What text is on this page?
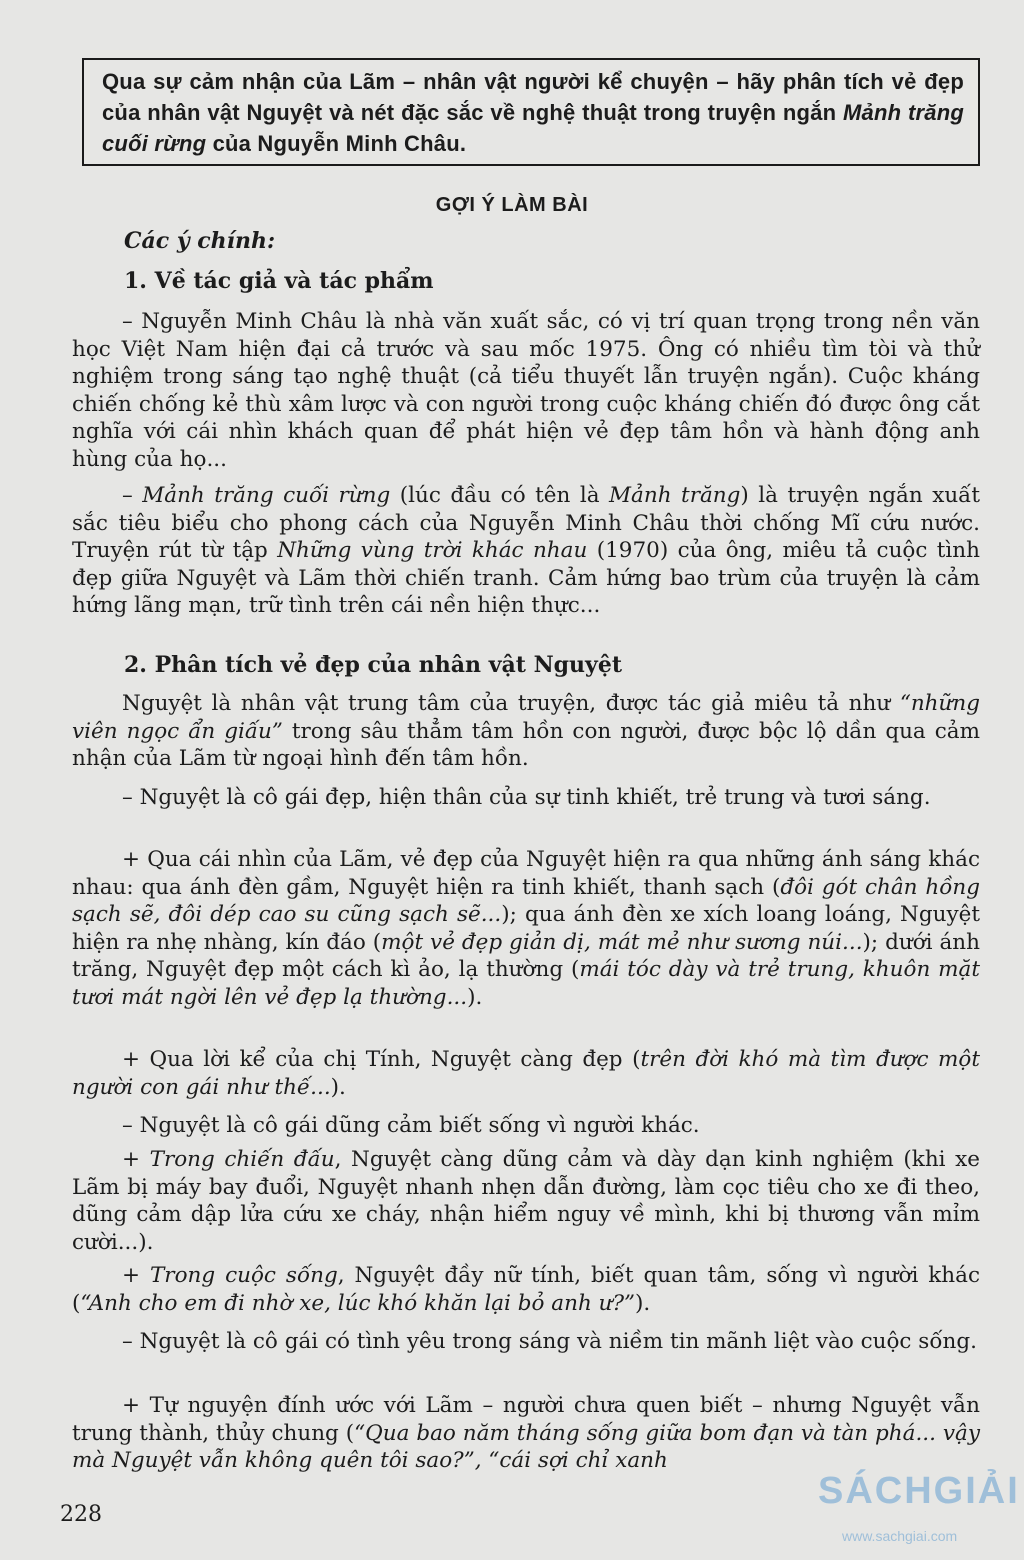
Qua sự cảm nhận của Lãm – nhân vật người kể chuyện – hãy phân tích vẻ đẹp của nhân vật Nguyệt và nét đặc sắc về nghệ thuật trong truyện ngắn Mảnh trăng cuối rừng của Nguyễn Minh Châu.
GỢI Ý LÀM BÀI
Các ý chính:
1. Về tác giả và tác phẩm
– Nguyễn Minh Châu là nhà văn xuất sắc, có vị trí quan trọng trong nền văn học Việt Nam hiện đại cả trước và sau mốc 1975. Ông có nhiều tìm tòi và thử nghiệm trong sáng tạo nghệ thuật (cả tiểu thuyết lẫn truyện ngắn). Cuộc kháng chiến chống kẻ thù xâm lược và con người trong cuộc kháng chiến đó được ông cắt nghĩa với cái nhìn khách quan để phát hiện vẻ đẹp tâm hồn và hành động anh hùng của họ...
– Mảnh trăng cuối rừng (lúc đầu có tên là Mảnh trăng) là truyện ngắn xuất sắc tiêu biểu cho phong cách của Nguyễn Minh Châu thời chống Mĩ cứu nước. Truyện rút từ tập Những vùng trời khác nhau (1970) của ông, miêu tả cuộc tình đẹp giữa Nguyệt và Lãm thời chiến tranh. Cảm hứng bao trùm của truyện là cảm hứng lãng mạn, trữ tình trên cái nền hiện thực...
2. Phân tích vẻ đẹp của nhân vật Nguyệt
Nguyệt là nhân vật trung tâm của truyện, được tác giả miêu tả như “những viên ngọc ẩn giấu” trong sâu thẳm tâm hồn con người, được bộc lộ dần qua cảm nhận của Lãm từ ngoại hình đến tâm hồn.
– Nguyệt là cô gái đẹp, hiện thân của sự tinh khiết, trẻ trung và tươi sáng.
+ Qua cái nhìn của Lãm, vẻ đẹp của Nguyệt hiện ra qua những ánh sáng khác nhau: qua ánh đèn gầm, Nguyệt hiện ra tinh khiết, thanh sạch (đôi gót chân hồng sạch sẽ, đôi dép cao su cũng sạch sẽ...); qua ánh đèn xe xích loang loáng, Nguyệt hiện ra nhẹ nhàng, kín đáo (một vẻ đẹp giản dị, mát mẻ như sương núi...); dưới ánh trăng, Nguyệt đẹp một cách kì ảo, lạ thường (mái tóc dày và trẻ trung, khuôn mặt tươi mát ngời lên vẻ đẹp lạ thường...).
+ Qua lời kể của chị Tính, Nguyệt càng đẹp (trên đời khó mà tìm được một người con gái như thế...).
– Nguyệt là cô gái dũng cảm biết sống vì người khác.
+ Trong chiến đấu, Nguyệt càng dũng cảm và dày dạn kinh nghiệm (khi xe Lãm bị máy bay đuổi, Nguyệt nhanh nhẹn dẫn đường, làm cọc tiêu cho xe đi theo, dũng cảm dập lửa cứu xe cháy, nhận hiểm nguy về mình, khi bị thương vẫn mỉm cười...).
+ Trong cuộc sống, Nguyệt đầy nữ tính, biết quan tâm, sống vì người khác (“Anh cho em đi nhờ xe, lúc khó khăn lại bỏ anh ư?”).
– Nguyệt là cô gái có tình yêu trong sáng và niềm tin mãnh liệt vào cuộc sống.
+ Tự nguyện đính ước với Lãm – người chưa quen biết – nhưng Nguyệt vẫn trung thành, thủy chung (“Qua bao năm tháng sống giữa bom đạn và tàn phá... vậy mà Nguyệt vẫn không quên tôi sao?”, “cái sợi chỉ xanh
228
SÁCHGIẢI
www.sachgiai.com
